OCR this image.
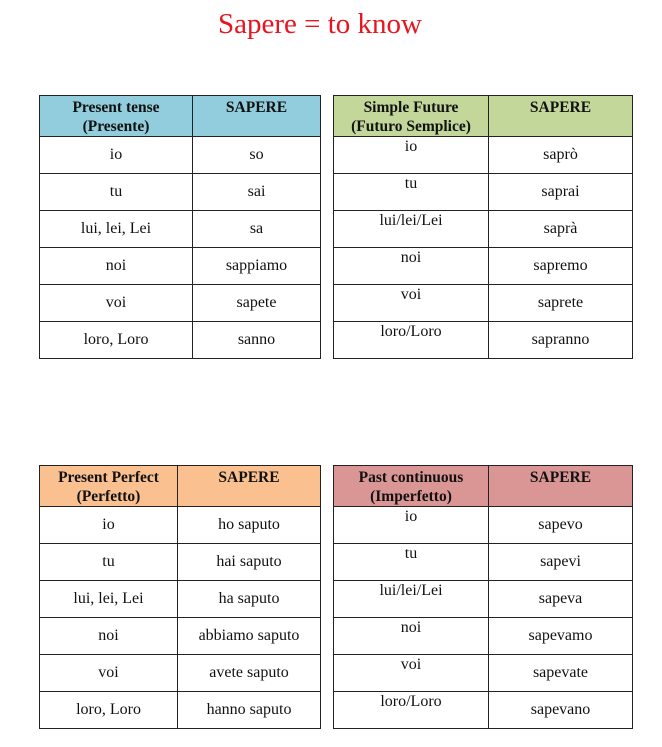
Sapere = to know
Present tense
(Presente)	SAPERE
io	so
tu	sai
lui, lei, Lei	sa
noi	sappiamo
voi	sapete
loro, Loro	sanno
Simple Future
(Futuro Semplice)	SAPERE
io	saprò
tu	saprai
lui/lei/Lei	saprà
noi	sapremo
voi	saprete
loro/Loro	sapranno
Present Perfect
(Perfetto)	SAPERE
io	ho saputo
tu	hai saputo
lui, lei, Lei	ha saputo
noi	abbiamo saputo
voi	avete saputo
loro, Loro	hanno saputo
Past continuous
(Imperfetto)	SAPERE
io	sapevo
tu	sapevi
lui/lei/Lei	sapeva
noi	sapevamo
voi	sapevate
loro/Loro	sapevano
